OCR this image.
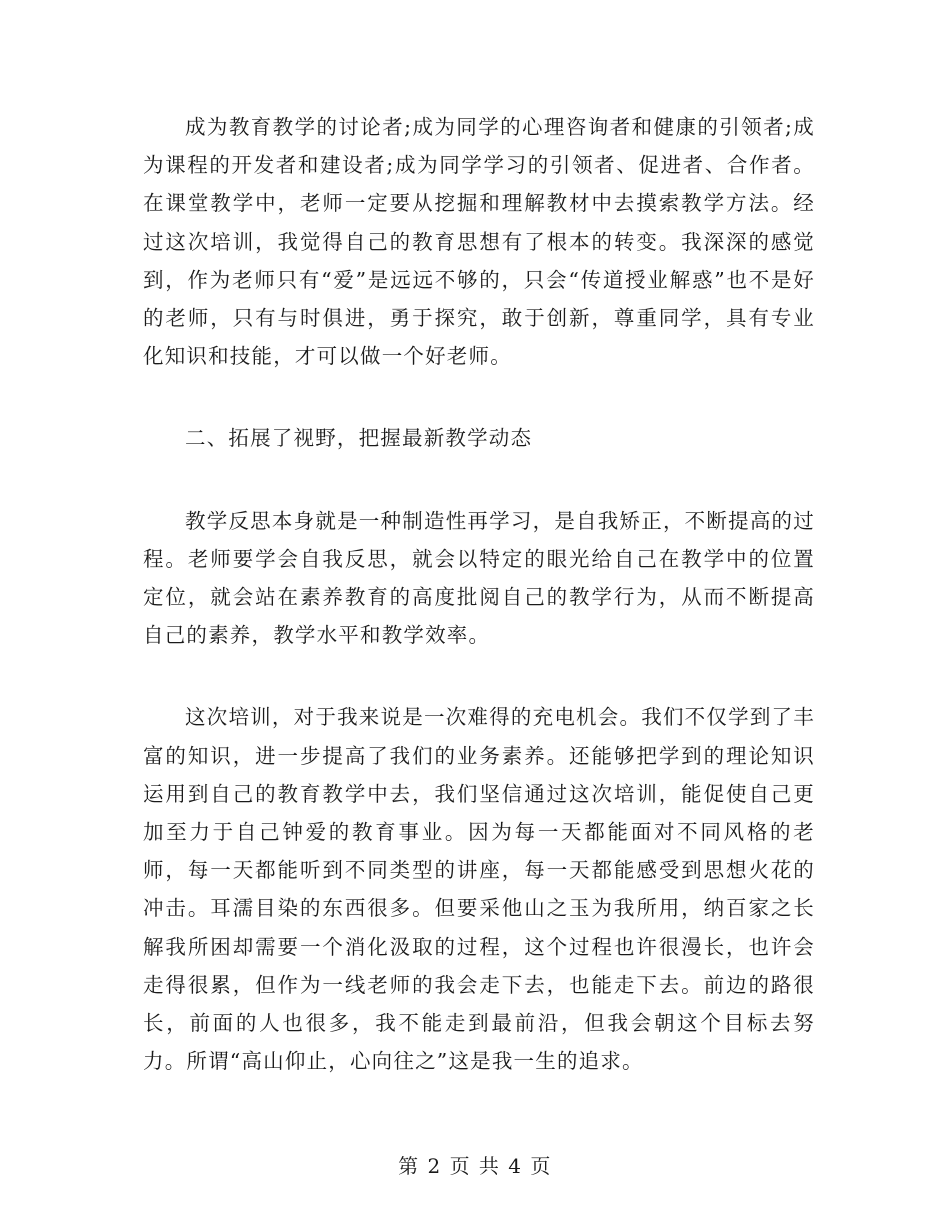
成为教育教学的讨论者;成为同学的心理咨询者和健康的引领者;成为课程的开发者和建设者;成为同学学习的引领者、促进者、合作者。在课堂教学中，老师一定要从挖掘和理解教材中去摸索教学方法。经过这次培训，我觉得自己的教育思想有了根本的转变。我深深的感觉到，作为老师只有“爱”是远远不够的，只会“传道授业解惑”也不是好的老师，只有与时俱进，勇于探究，敢于创新，尊重同学，具有专业化知识和技能，才可以做一个好老师。

二、拓展了视野，把握最新教学动态

教学反思本身就是一种制造性再学习，是自我矫正，不断提高的过程。老师要学会自我反思，就会以特定的眼光给自己在教学中的位置定位，就会站在素养教育的高度批阅自己的教学行为，从而不断提高自己的素养，教学水平和教学效率。

这次培训，对于我来说是一次难得的充电机会。我们不仅学到了丰富的知识，进一步提高了我们的业务素养。还能够把学到的理论知识运用到自己的教育教学中去，我们坚信通过这次培训，能促使自己更加至力于自己钟爱的教育事业。因为每一天都能面对不同风格的老师，每一天都能听到不同类型的讲座，每一天都能感受到思想火花的冲击。耳濡目染的东西很多。但要采他山之玉为我所用，纳百家之长解我所困却需要一个消化汲取的过程，这个过程也许很漫长，也许会走得很累，但作为一线老师的我会走下去，也能走下去。前边的路很长，前面的人也很多，我不能走到最前沿，但我会朝这个目标去努力。所谓“高山仰止，心向往之”这是我一生的追求。

第 2 页 共 4 页
